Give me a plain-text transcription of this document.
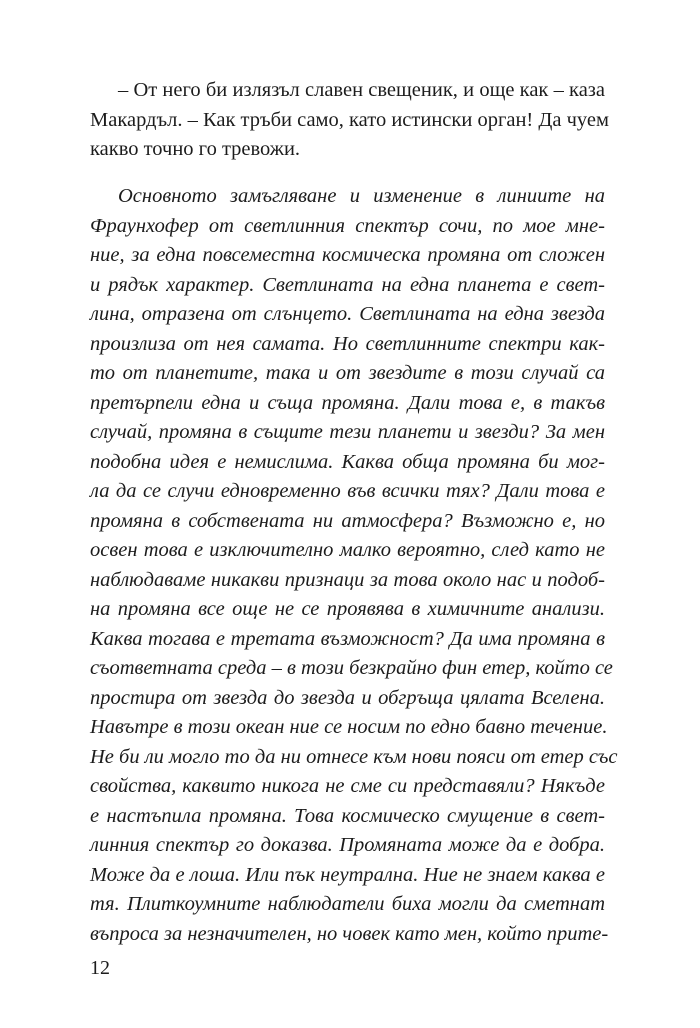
– От него би излязъл славен свещеник, и още как – каза
Макардъл. – Как тръби само, като истински орган! Да чуем
какво точно го тревожи.
Основното замъгляване и изменение в линиите на
Фраунхофер от светлинния спектър сочи, по мое мне-
ние, за една повсеместна космическа промяна от сложен
и рядък характер. Светлината на една планета е свет-
лина, отразена от слънцето. Светлината на една звезда
произлиза от нея самата. Но светлинните спектри как-
то от планетите, така и от звездите в този случай са
претърпели една и съща промяна. Дали това е, в такъв
случай, промяна в същите тези планети и звезди? За мен
подобна идея е немислима. Каква обща промяна би мог-
ла да се случи едновременно във всички тях? Дали това е
промяна в собствената ни атмосфера? Възможно е, но
освен това е изключително малко вероятно, след като не
наблюдаваме никакви признаци за това около нас и подоб-
на промяна все още не се проявява в химичните анализи.
Каква тогава е третата възможност? Да има промяна в
съответната среда – в този безкрайно фин етер, който се
простира от звезда до звезда и обгръща цялата Вселена.
Навътре в този океан ние се носим по едно бавно течение.
Не би ли могло то да ни отнесе към нови пояси от етер със
свойства, каквито никога не сме си представяли? Някъде
е настъпила промяна. Това космическо смущение в свет-
линния спектър го доказва. Промяната може да е добра.
Може да е лоша. Или пък неутрална. Ние не знаем каква е
тя. Плиткоумните наблюдатели биха могли да сметнат
въпроса за незначителен, но човек като мен, който прите-
12
